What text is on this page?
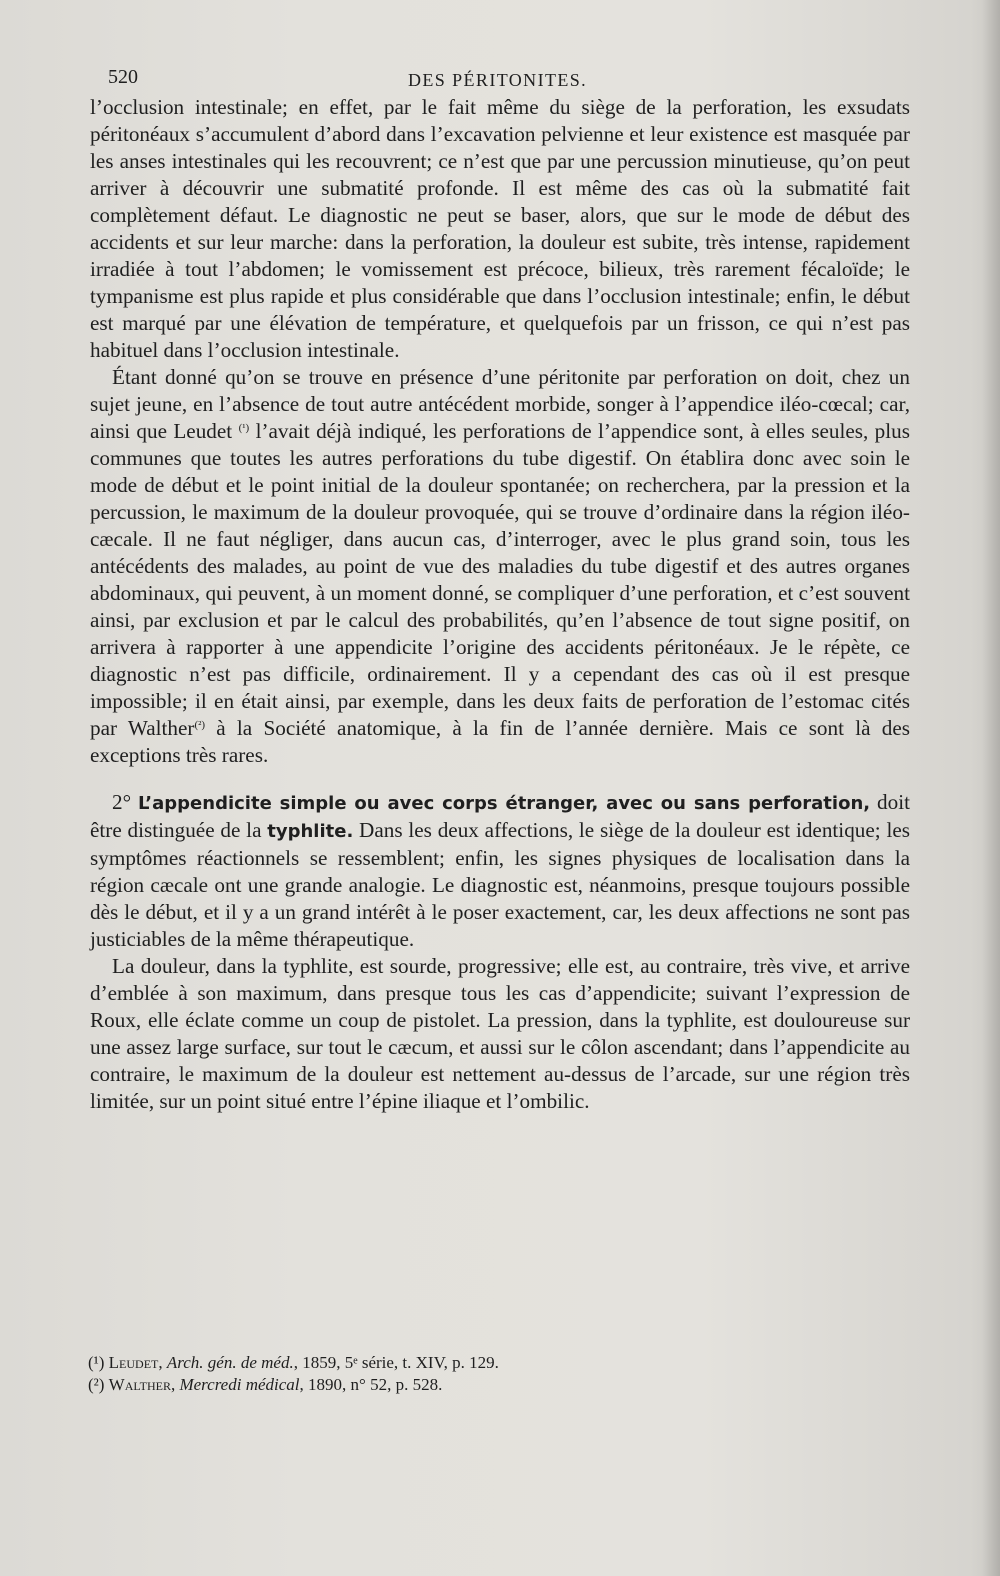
520	DES PÉRITONITES.

l’occlusion intestinale; en effet, par le fait même du siège de la perforation, les exsudats péritonéaux s’accumulent d’abord dans l’excavation pelvienne et leur existence est masquée par les anses intestinales qui les recouvrent; ce n’est que par une percussion minutieuse, qu’on peut arriver à découvrir une submatité profonde. Il est même des cas où la submatité fait complètement défaut. Le diagnostic ne peut se baser, alors, que sur le mode de début des accidents et sur leur marche: dans la perforation, la douleur est subite, très intense, rapidement irradiée à tout l’abdomen; le vomissement est précoce, bilieux, très rarement fécaloïde; le tympanisme est plus rapide et plus considérable que dans l’occlusion intestinale; enfin, le début est marqué par une élévation de température, et quelquefois par un frisson, ce qui n’est pas habituel dans l’occlusion intestinale.

Étant donné qu’on se trouve en présence d’une péritonite par perforation on doit, chez un sujet jeune, en l’absence de tout autre antécédent morbide, songer à l’appendice iléo-cœcal; car, ainsi que Leudet $^{(^1)}$ l’avait déjà indiqué, les perforations de l’appendice sont, à elles seules, plus communes que toutes les autres perforations du tube digestif. On établira donc avec soin le mode de début et le point initial de la douleur spontanée; on recherchera, par la pression et la percussion, le maximum de la douleur provoquée, qui se trouve d’ordinaire dans la région iléo-cæcale. Il ne faut négliger, dans aucun cas, d’interroger, avec le plus grand soin, tous les antécédents des malades, au point de vue des maladies du tube digestif et des autres organes abdominaux, qui peuvent, à un moment donné, se compliquer d’une perforation, et c’est souvent ainsi, par exclusion et par le calcul des probabilités, qu’en l’absence de tout signe positif, on arrivera à rapporter à une appendicite l’origine des accidents péritonéaux. Je le répète, ce diagnostic n’est pas difficile, ordinairement. Il y a cependant des cas où il est presque impossible; il en était ainsi, par exemple, dans les deux faits de perforation de l’estomac cités par Walther$^{(^2)}$ à la Société anatomique, à la fin de l’année dernière. Mais ce sont là des exceptions très rares.

2° L’appendicite simple ou avec corps étranger, avec ou sans perforation, doit être distinguée de la typhlite. Dans les deux affections, le siège de la douleur est identique; les symptômes réactionnels se ressemblent; enfin, les signes physiques de localisation dans la région cæcale ont une grande analogie. Le diagnostic est, néanmoins, presque toujours possible dès le début, et il y a un grand intérêt à le poser exactement, car, les deux affections ne sont pas justiciables de la même thérapeutique.

La douleur, dans la typhlite, est sourde, progressive; elle est, au contraire, très vive, et arrive d’emblée à son maximum, dans presque tous les cas d’appendicite; suivant l’expression de Roux, elle éclate comme un coup de pistolet. La pression, dans la typhlite, est douloureuse sur une assez large surface, sur tout le cæcum, et aussi sur le côlon ascendant; dans l’appendicite au contraire, le maximum de la douleur est nettement au-dessus de l’arcade, sur une région très limitée, sur un point situé entre l’épine iliaque et l’ombilic.

(¹) Leudet, Arch. gén. de méd., 1859, 5ᵉ série, t. XIV, p. 129.

(²) Walther, Mercredi médical, 1890, n° 52, p. 528.
